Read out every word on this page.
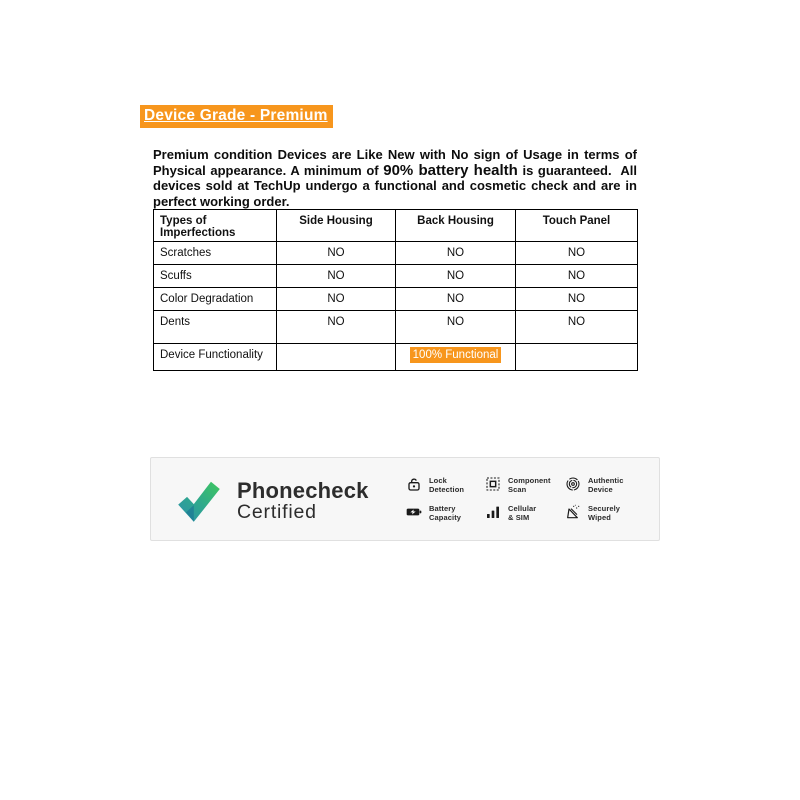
Device Grade - Premium

Premium condition Devices are Like New with No sign of Usage in terms of Physical appearance. A minimum of 90% battery health is guaranteed.  All devices sold at TechUp undergo a functional and cosmetic check and are in perfect working order.

Types of Imperfections	Side Housing	Back Housing	Touch Panel
Scratches	NO	NO	NO
Scuffs	NO	NO	NO
Color Degradation	NO	NO	NO
Dents	NO	NO	NO
Device Functionality		100% Functional	
Phonecheck
Certified
Lock
Detection
Battery
Capacity
Component
Scan
Cellular
& SIM
Authentic
Device
Securely
Wiped
